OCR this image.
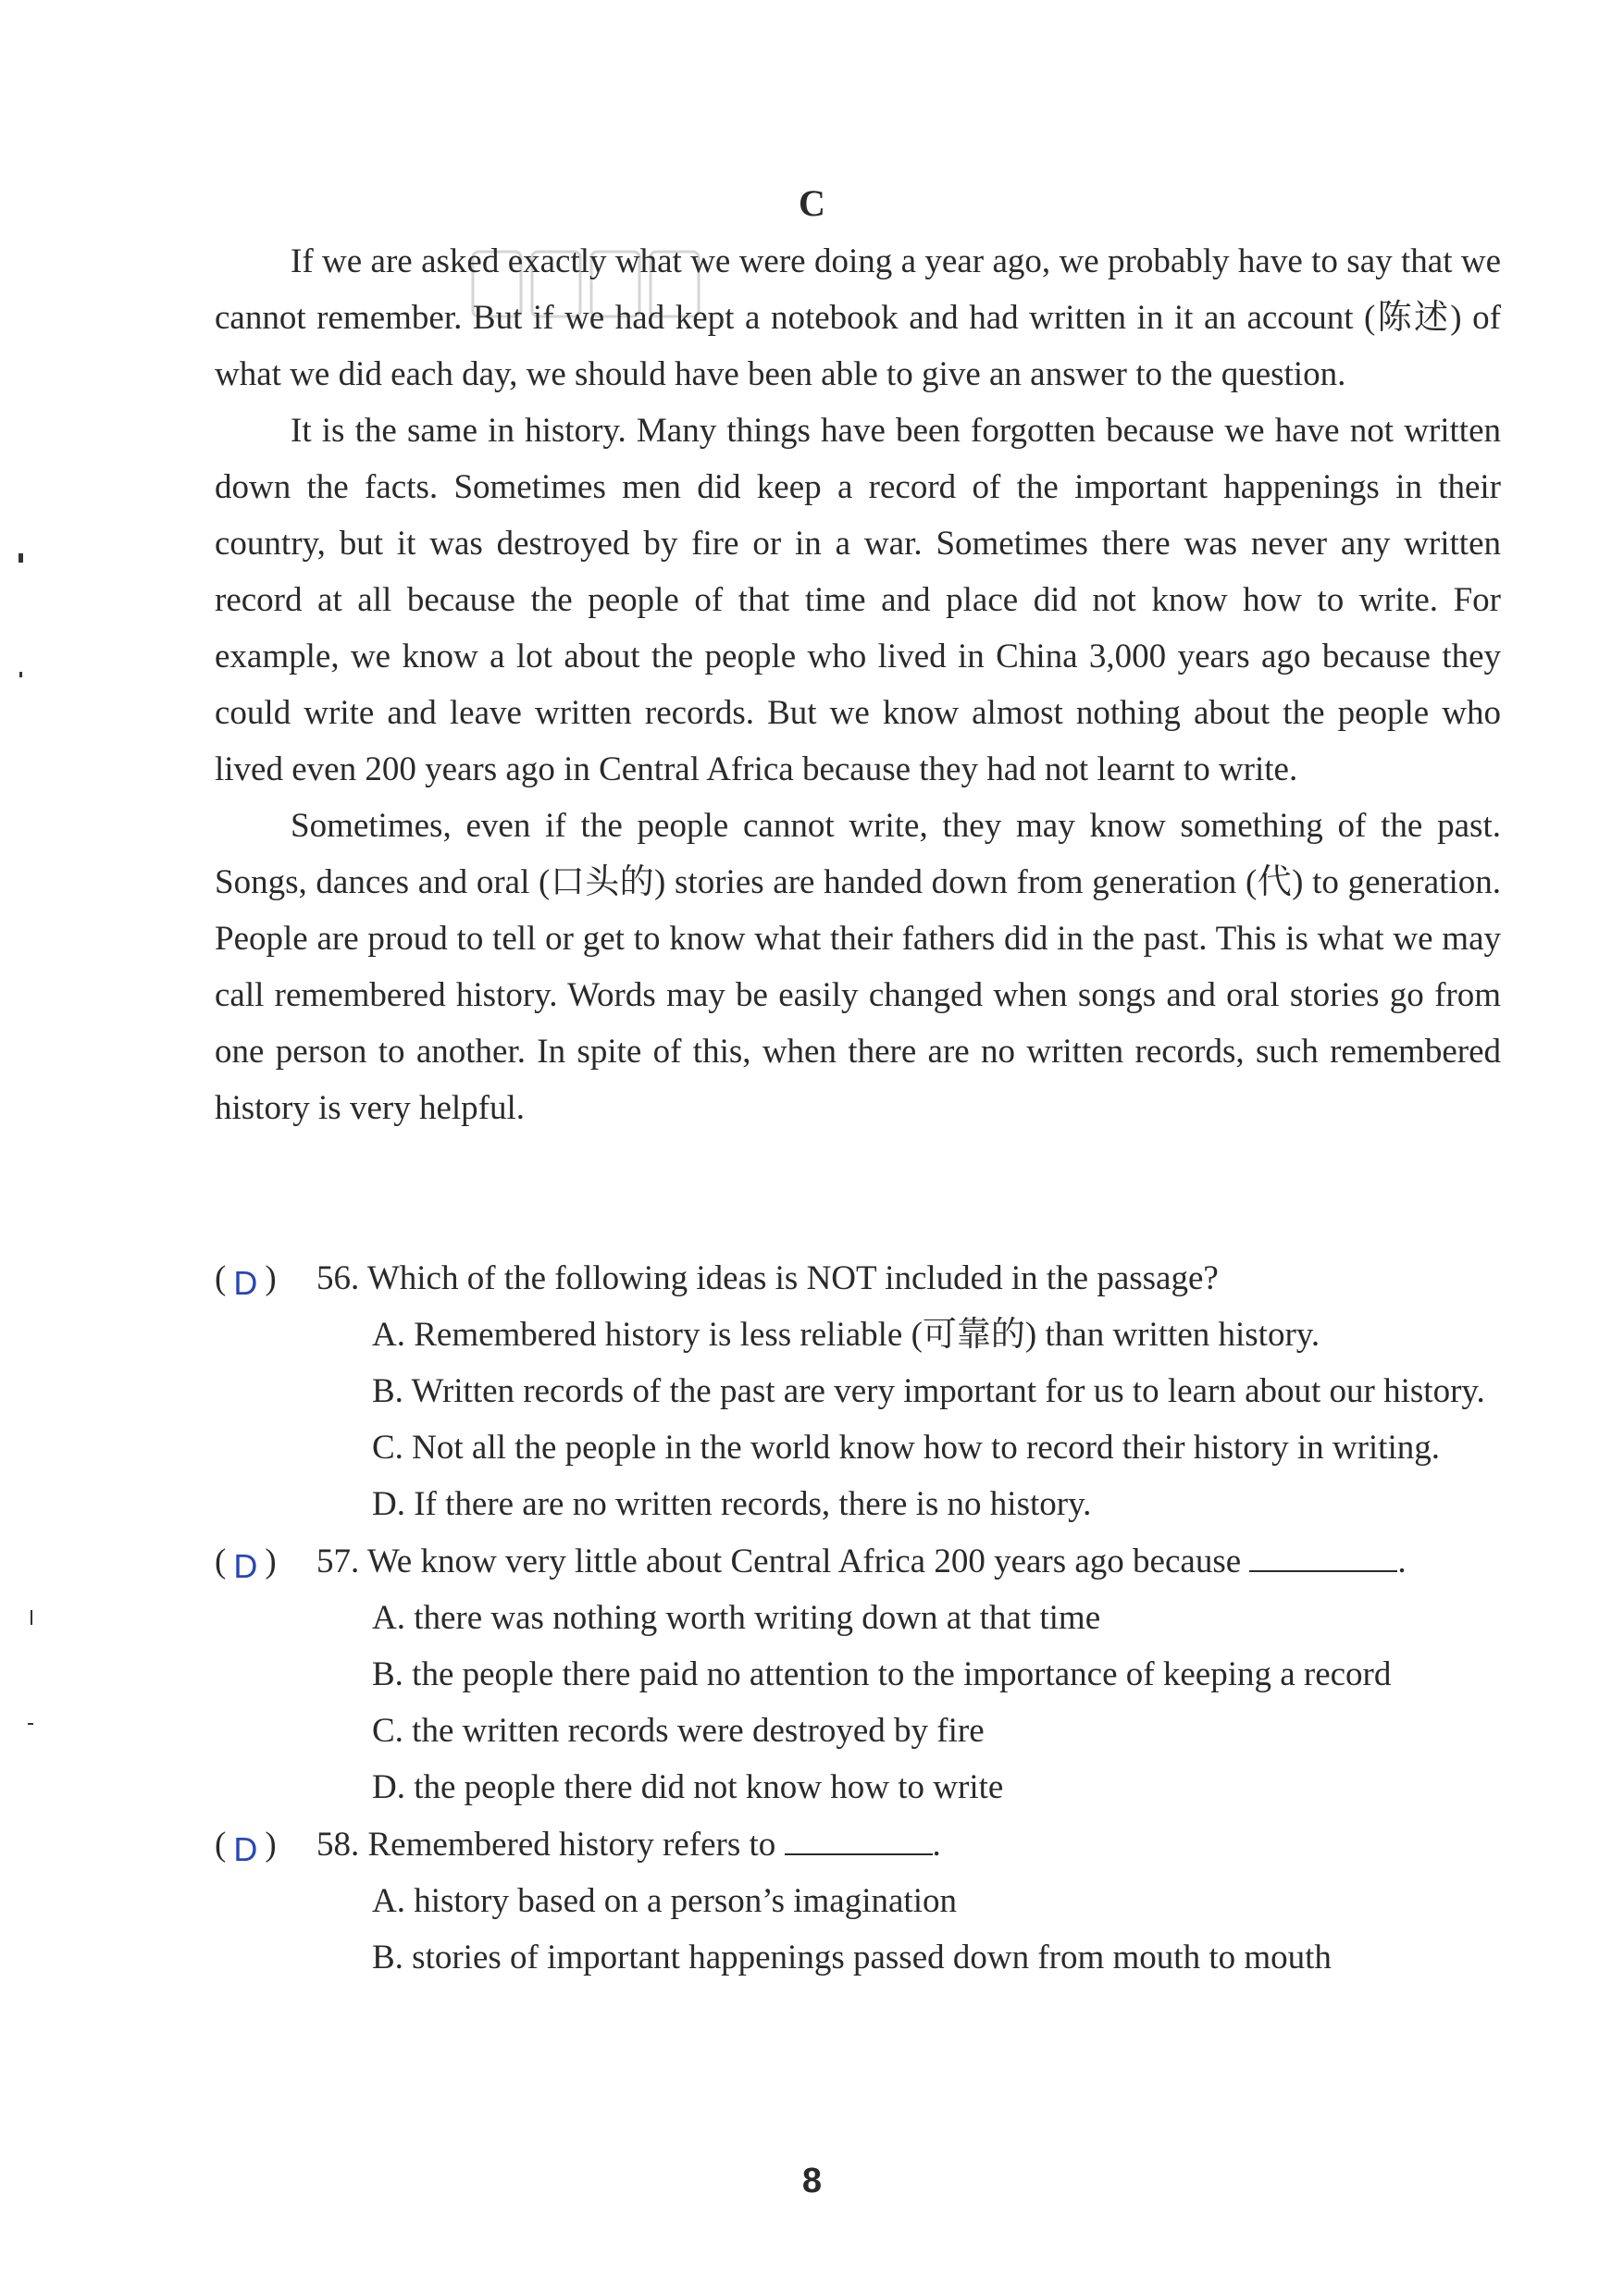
C

If we are asked exactly what we were doing a year ago, we probably have to say that we cannot remember. But if we had kept a notebook and had written in it an account (陈述) of what we did each day, we should have been able to give an answer to the question.

It is the same in history. Many things have been forgotten because we have not written down the facts. Sometimes men did keep a record of the important happenings in their country, but it was destroyed by fire or in a war. Sometimes there was never any written record at all because the people of that time and place did not know how to write. For example, we know a lot about the people who lived in China 3,000 years ago because they could write and leave written records. But we know almost nothing about the people who lived even 200 years ago in Central Africa because they had not learnt to write.

Sometimes, even if the people cannot write, they may know something of the past. Songs, dances and oral (口头的) stories are handed down from generation (代) to generation. People are proud to tell or get to know what their fathers did in the past. This is what we may call remembered history. Words may be easily changed when songs and oral stories go from one person to another. In spite of this, when there are no written records, such remembered history is very helpful.

( D )	56. Which of the following ideas is NOT included in the passage?
A. Remembered history is less reliable (可靠的) than written history.
B. Written records of the past are very important for us to learn about our history.
C. Not all the people in the world know how to record their history in writing.
D. If there are no written records, there is no history.
( D )	57. We know very little about Central Africa 200 years ago because	.
A. there was nothing worth writing down at that time
B. the people there paid no attention to the importance of keeping a record
C. the written records were destroyed by fire
D. the people there did not know how to write
( D )	58. Remembered history refers to	.
A. history based on a person’s imagination
B. stories of important happenings passed down from mouth to mouth
8
